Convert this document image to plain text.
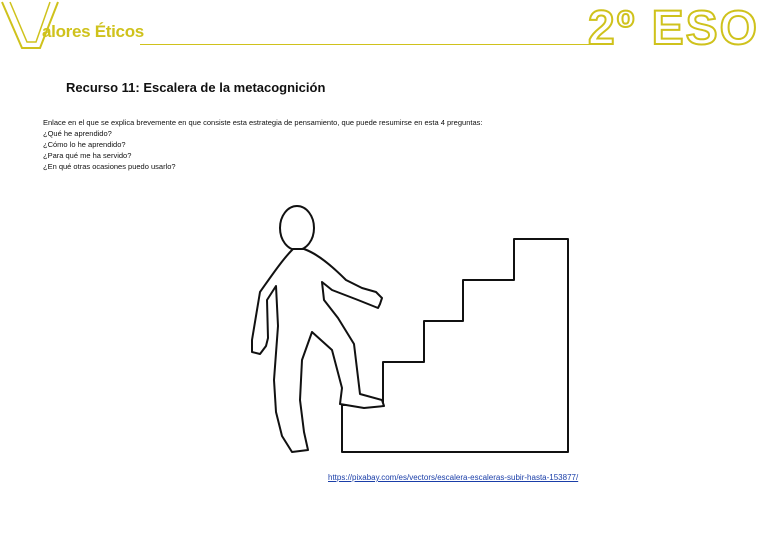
alores Éticos	2º ESO
Recurso 11: Escalera de la metacognición
Enlace en el que se explica brevemente en que consiste esta estrategia de pensamiento, que puede resumirse en esta 4 preguntas:
¿Qué he aprendido?
¿Cómo lo he aprendido?
¿Para qué me ha servido?
¿En qué otras ocasiones puedo usarlo?
https://pixabay.com/es/vectors/escalera-escaleras-subir-hasta-153877/
